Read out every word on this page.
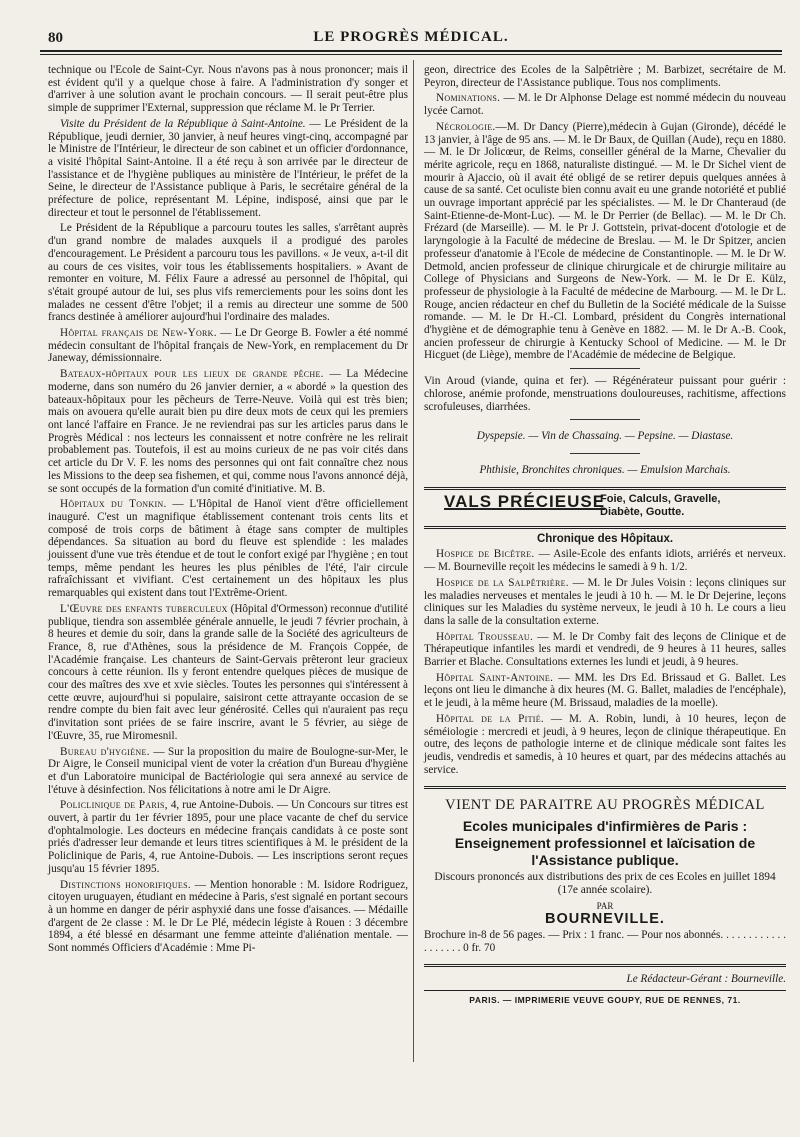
80	LE PROGRÈS MÉDICAL.

technique ou l'Ecole de Saint-Cyr. Nous n'avons pas à nous prononcer; mais il est évident qu'il y a quelque chose à faire. A l'administration d'y songer et d'arriver à une solution avant le prochain concours. — Il serait peut-être plus simple de supprimer l'External, suppression que réclame M. le Pr Terrier.

Visite du Président de la République à Saint-Antoine. — Le Président de la République, jeudi dernier, 30 janvier, à neuf heures vingt-cinq, accompagné par le Ministre de l'Intérieur, le directeur de son cabinet et un officier d'ordonnance, a visité l'hôpital Saint-Antoine. Il a été reçu à son arrivée par le directeur de l'assistance et de l'hygiène publiques au ministère de l'Intérieur, le préfet de la Seine, le directeur de l'Assistance publique à Paris, le secrétaire général de la préfecture de police, représentant M. Lépine, indisposé, ainsi que par le directeur et tout le personnel de l'établissement.

Le Président de la République a parcouru toutes les salles, s'arrêtant auprès d'un grand nombre de malades auxquels il a prodigué des paroles d'encouragement. Le Président a parcouru tous les pavillons. « Je veux, a-t-il dit au cours de ces visites, voir tous les établissements hospitaliers. » Avant de remonter en voiture, M. Félix Faure a adressé au personnel de l'hôpital, qui s'était groupé autour de lui, ses plus vifs remerciements pour les soins dont les malades ne cessent d'être l'objet; il a remis au directeur une somme de 500 francs destinée à améliorer aujourd'hui l'ordinaire des malades.

Hôpital français de New-York. — Le Dr George B. Fowler a été nommé médecin consultant de l'hôpital français de New-York, en remplacement du Dr Janeway, démissionnaire.

Bateaux-hôpitaux pour les lieux de grande pêche. — La Médecine moderne, dans son numéro du 26 janvier dernier, a « abordé » la question des bateaux-hôpitaux pour les pêcheurs de Terre-Neuve. Voilà qui est très bien; mais on avouera qu'elle aurait bien pu dire deux mots de ceux qui les premiers ont lancé l'affaire en France. Je ne reviendrai pas sur les articles parus dans le Progrès Médical : nos lecteurs les connaissent et notre confrère ne les relirait probablement pas. Toutefois, il est au moins curieux de ne pas voir cités dans cet article du Dr V. F. les noms des personnes qui ont fait connaître chez nous les Missions to the deep sea fishemen, et qui, comme nous l'avons annoncé déjà, se sont occupés de la formation d'un comité d'initiative. M. B.

Hôpitaux du Tonkin. — L'Hôpital de Hanoï vient d'être officiellement inauguré. C'est un magnifique établissement contenant trois cents lits et composé de trois corps de bâtiment à étage sans compter de multiples dépendances. Sa situation au bord du fleuve est splendide : les malades jouissent d'une vue très étendue et de tout le confort exigé par l'hygiène ; en tout temps, même pendant les heures les plus pénibles de l'été, l'air circule rafraîchissant et vivifiant. C'est certainement un des hôpitaux les plus remarquables qui existent dans tout l'Extrême-Orient.

L'Œuvre des enfants tuberculeux (Hôpital d'Ormesson) reconnue d'utilité publique, tiendra son assemblée générale annuelle, le jeudi 7 février prochain, à 8 heures et demie du soir, dans la grande salle de la Société des agriculteurs de France, 8, rue d'Athènes, sous la présidence de M. François Coppée, de l'Académie française. Les chanteurs de Saint-Gervais prêteront leur gracieux concours à cette réunion. Ils y feront entendre quelques pièces de musique de cour des maîtres des xve et xvie siècles. Toutes les personnes qui s'intéressent à cette œuvre, aujourd'hui si populaire, saisiront cette attrayante occasion de se rendre compte du bien fait avec leur générosité. Celles qui n'auraient pas reçu d'invitation sont priées de se faire inscrire, avant le 5 février, au siège de l'Œuvre, 35, rue Miromesnil.

Bureau d'hygiène. — Sur la proposition du maire de Boulogne-sur-Mer, le Dr Aigre, le Conseil municipal vient de voter la création d'un Bureau d'hygiène et d'un Laboratoire municipal de Bactériologie qui sera annexé au service de l'étuve à désinfection. Nos félicitations à notre ami le Dr Aigre.

Policlinique de Paris, 4, rue Antoine-Dubois. — Un Concours sur titres est ouvert, à partir du 1er février 1895, pour une place vacante de chef du service d'ophtalmologie. Les docteurs en médecine français candidats à ce poste sont priés d'adresser leur demande et leurs titres scientifiques à M. le président de la Policlinique de Paris, 4, rue Antoine-Dubois. — Les inscriptions seront reçues jusqu'au 15 février 1895.

Distinctions honorifiques. — Mention honorable : M. Isidore Rodriguez, citoyen uruguayen, étudiant en médecine à Paris, s'est signalé en portant secours à un homme en danger de périr asphyxié dans une fosse d'aisances. — Médaille d'argent de 2e classe : M. le Dr Le Plé, médecin légiste à Rouen : 3 décembre 1894, a été blessé en désarmant une femme atteinte d'aliénation mentale. — Sont nommés Officiers d'Académie : Mme Pi-

geon, directrice des Ecoles de la Salpêtrière ; M. Barbizet, secrétaire de M. Peyron, directeur de l'Assistance publique. Tous nos compliments.

Nominations. — M. le Dr Alphonse Delage est nommé médecin du nouveau lycée Carnot.

Nécrologie.—M. Dr Dancy (Pierre),médecin à Gujan (Gironde), décédé le 13 janvier, à l'âge de 95 ans. — M. le Dr Baux, de Quillan (Aude), reçu en 1880. — M. le Dr Jolicœur, de Reims, conseiller général de la Marne, Chevalier du mérite agricole, reçu en 1868, naturaliste distingué. — M. le Dr Sichel vient de mourir à Ajaccio, où il avait été obligé de se retirer depuis quelques années à cause de sa santé. Cet oculiste bien connu avait eu une grande notoriété et publié un ouvrage important apprécié par les spécialistes. — M. le Dr Chanteraud (de Saint-Etienne-de-Mont-Luc). — M. le Dr Perrier (de Bellac). — M. le Dr Ch. Frézard (de Marseille). — M. le Pr J. Gottstein, privat-docent d'otologie et de laryngologie à la Faculté de médecine de Breslau. — M. le Dr Spitzer, ancien professeur d'anatomie à l'Ecole de médecine de Constantinople. — M. le Dr W. Detmold, ancien professeur de clinique chirurgicale et de chirurgie militaire au College of Physicians and Surgeons de New-York. — M. le Dr E. Külz, professeur de physiologie à la Faculté de médecine de Marbourg. — M. le Dr L. Rouge, ancien rédacteur en chef du Bulletin de la Société médicale de la Suisse romande. — M. le Dr H.-Cl. Lombard, président du Congrès international d'hygiène et de démographie tenu à Genève en 1882. — M. le Dr A.-B. Cook, ancien professeur de chirurgie à Kentucky School of Medicine. — M. le Dr Hicguet (de Liège), membre de l'Académie de médecine de Belgique.

Vin Aroud (viande, quina et fer). — Régénérateur puissant pour guérir : chlorose, anémie profonde, menstruations douloureuses, rachitisme, affections scrofuleuses, diarrhées.

Dyspepsie. — Vin de Chassaing. — Pepsine. — Diastase.

Phthisie, Bronchites chroniques. — Emulsion Marchais.

VALS PRÉCIEUSE
Foie, Calculs, Gravelle,
Diabète, Goutte.

Chronique des Hôpitaux.

Hospice de Bicêtre. — Asile-Ecole des enfants idiots, arriérés et nerveux. — M. Bourneville reçoit les médecins le samedi à 9 h. 1/2.

Hospice de la Salpêtrière. — M. le Dr Jules Voisin : leçons cliniques sur les maladies nerveuses et mentales le jeudi à 10 h. — M. le Dr Dejerine, leçons cliniques sur les Maladies du système nerveux, le jeudi à 10 h. Le cours a lieu dans la salle de la consultation externe.

Hôpital Trousseau. — M. le Dr Comby fait des leçons de Clinique et de Thérapeutique infantiles les mardi et vendredi, de 9 heures à 11 heures, salles Barrier et Blache. Consultations externes les lundi et jeudi, à 9 heures.

Hôpital Saint-Antoine. — MM. les Drs Ed. Brissaud et G. Ballet. Les leçons ont lieu le dimanche à dix heures (M. G. Ballet, maladies de l'encéphale), et le jeudi, à la même heure (M. Brissaud, maladies de la moelle).

Hôpital de la Pitié. — M. A. Robin, lundi, à 10 heures, leçon de séméiologie : mercredi et jeudi, à 9 heures, leçon de clinique thérapeutique. En outre, des leçons de pathologie interne et de clinique médicale sont faites les jeudis, vendredis et samedis, à 10 heures et quart, par des médecins attachés au service.

VIENT DE PARAITRE AU PROGRÈS MÉDICAL

Ecoles municipales d'infirmières de Paris : Enseignement professionnel et laïcisation de l'Assistance publique.

Discours prononcés aux distributions des prix de ces Ecoles en juillet 1894 (17e année scolaire).

PAR

BOURNEVILLE.

Brochure in-8 de 56 pages. — Prix : 1 franc. — Pour nos abonnés. . . . . . . . . . . . . . . . . . . 0 fr. 70

Le Rédacteur-Gérant : Bourneville.

PARIS. — IMPRIMERIE VEUVE GOUPY, RUE DE RENNES, 71.
